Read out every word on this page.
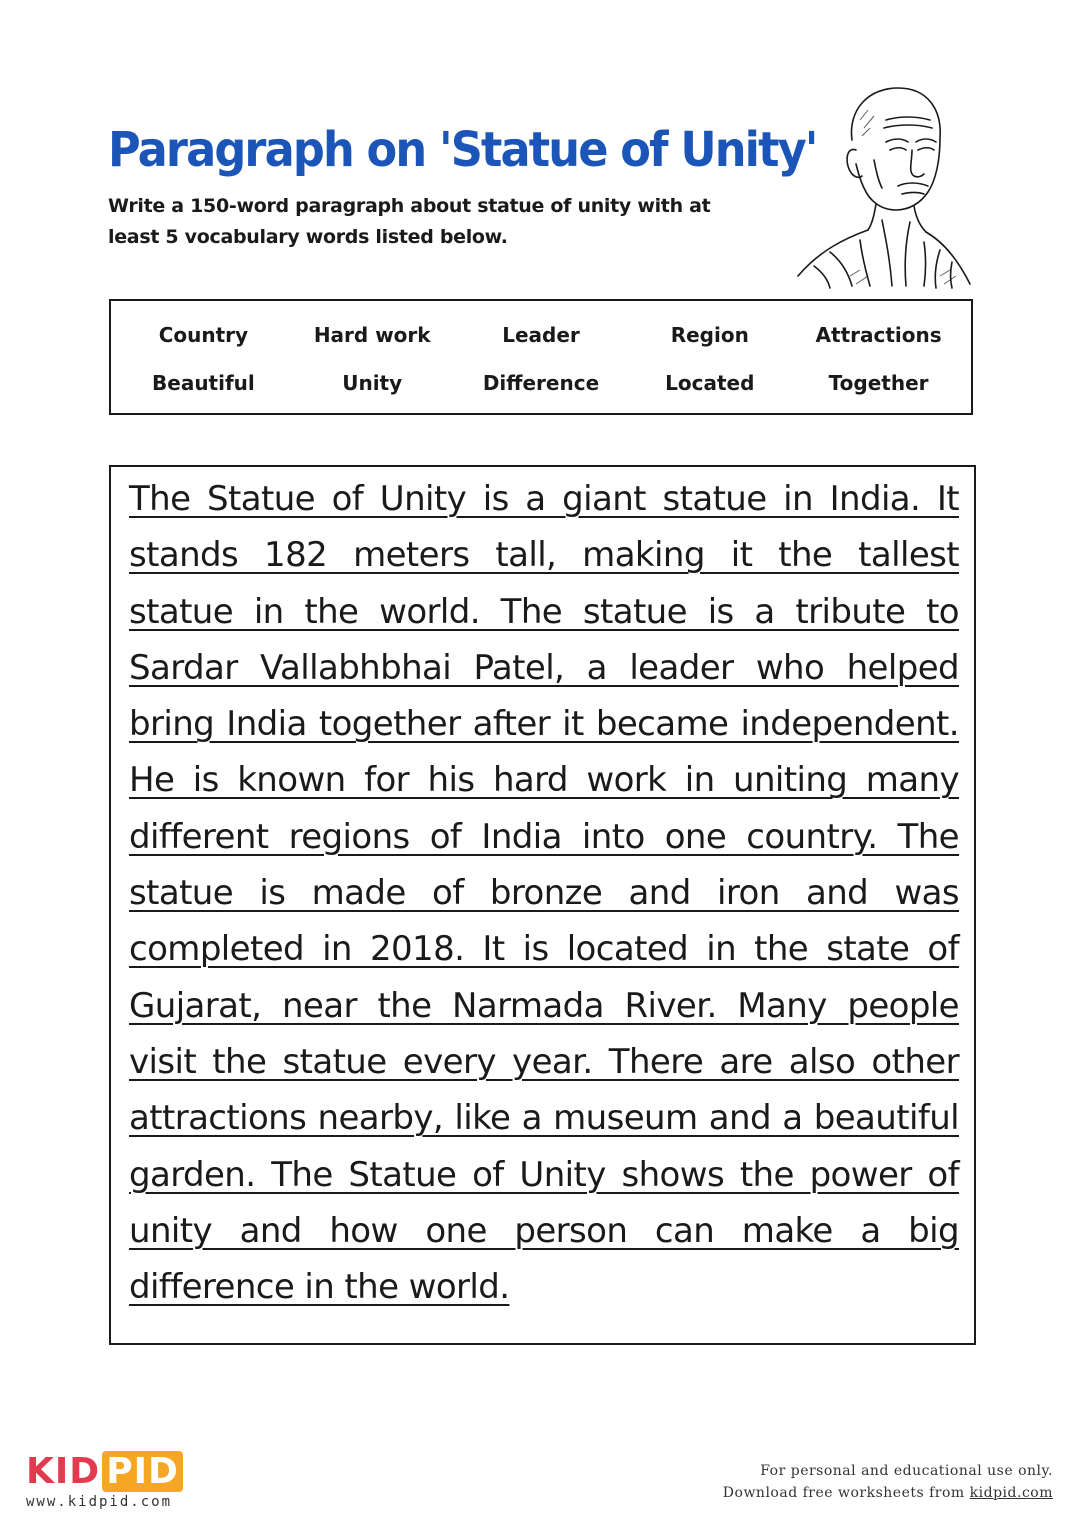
Paragraph on 'Statue of Unity'
Write a 150-word paragraph about statue of unity with at least 5 vocabulary words listed below.
Country	Hard work	Leader	Region	Attractions
Beautiful	Unity	Difference	Located	Together

The Statue of Unity is a giant statue in India. It stands 182 meters tall, making it the tallest statue in the world. The statue is a tribute to Sardar Vallabhbhai Patel, a leader who helped bring India together after it became independent. He is known for his hard work in uniting many different regions of India into one country. The statue is made of bronze and iron and was completed in 2018. It is located in the state of Gujarat, near the Narmada River. Many people visit the statue every year. There are also other attractions nearby, like a museum and a beautiful garden. The Statue of Unity shows the power of unity and how one person can make a big difference in the world.

KID PID
www.kidpid.com
For personal and educational use only.
Download free worksheets from kidpid.com
